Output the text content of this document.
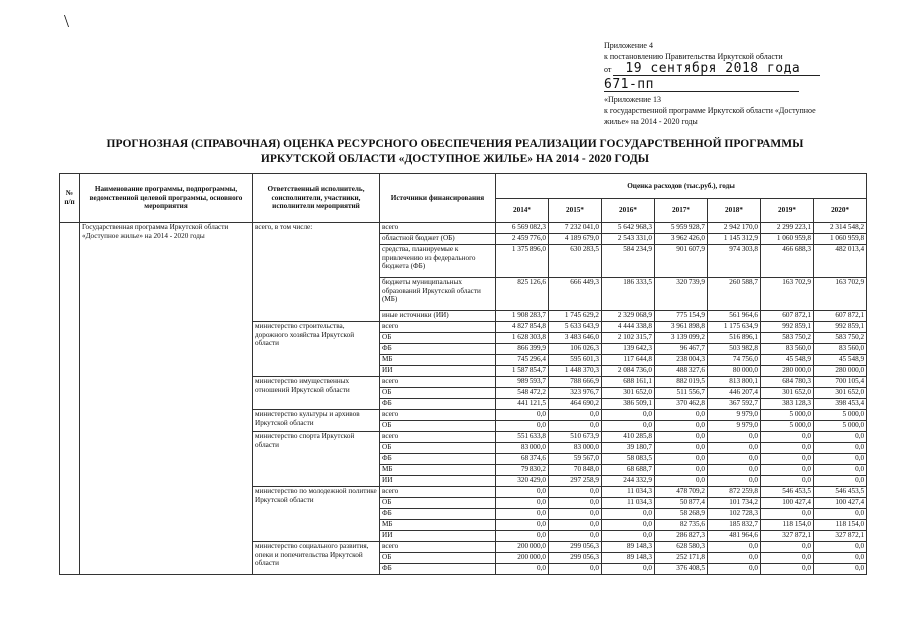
\
Приложение 4
к постановлению Правительства Иркутской области
от 19 сентября 2018 года
671-пп
«Приложение 13
к государственной программе Иркутской области «Доступное
жилье» на 2014 - 2020 годы
ПРОГНОЗНАЯ (СПРАВОЧНАЯ) ОЦЕНКА РЕСУРСНОГО ОБЕСПЕЧЕНИЯ РЕАЛИЗАЦИИ ГОСУДАРСТВЕННОЙ ПРОГРАММЫ
ИРКУТСКОЙ ОБЛАСТИ «ДОСТУПНОЕ ЖИЛЬЕ» НА 2014 - 2020 ГОДЫ
№ п/п	Наименование программы, подпрограммы, ведомственной целевой программы, основного мероприятия	Ответственный исполнитель, соисполнители, участники, исполнители мероприятий	Источники финансирования	Оценка расходов (тыс.руб.), годы						
				2014*	2015*	2016*	2017*	2018*	2019*	2020*
	Государственная программа Иркутской области «Доступное жилье» на 2014 - 2020 годы	всего, в том числе:	всего	6 569 082,3	7 232 041,0	5 642 968,3	5 959 928,7	2 942 170,0	2 299 223,1	2 314 548,2
			областной бюджет (ОБ)	2 459 776,0	4 189 679,0	2 543 331,0	3 962 426,0	1 145 312,9	1 060 959,8	1 060 959,8
			средства, планируемые к привлечению из федерального бюджета (ФБ)	1 375 896,0	630 283,5	584 234,9	901 607,9	974 303,8	466 688,3	482 013,4
			бюджеты муниципальных образований Иркутской области (МБ)	825 126,6	666 449,3	186 333,5	320 739,9	260 588,7	163 702,9	163 702,9
			иные источники (ИИ)	1 908 283,7	1 745 629,2	2 329 068,9	775 154,9	561 964,6	607 872,1	607 872,1
		министерство строительства, дорожного хозяйства Иркутской области	всего	4 827 854,8	5 633 643,9	4 444 338,8	3 961 898,8	1 175 634,9	992 859,1	992 859,1
			ОБ	1 628 303,8	3 483 646,0	2 102 315,7	3 139 099,2	516 896,1	583 750,2	583 750,2
			ФБ	866 399,9	106 026,3	139 642,3	96 467,7	503 982,8	83 560,0	83 560,0
			МБ	745 296,4	595 601,3	117 644,8	238 004,3	74 756,0	45 548,9	45 548,9
			ИИ	1 587 854,7	1 448 370,3	2 084 736,0	488 327,6	80 000,0	280 000,0	280 000,0
		министерство имущественных отношений Иркутской области	всего	989 593,7	788 666,9	688 161,1	882 019,5	813 800,1	684 780,3	700 105,4
			ОБ	548 472,2	323 976,7	301 652,0	511 556,7	446 207,4	301 652,0	301 652,0
			ФБ	441 121,5	464 690,2	386 509,1	370 462,8	367 592,7	383 128,3	398 453,4
		министерство культуры и архивов Иркутской области	всего	0,0	0,0	0,0	0,0	9 979,0	5 000,0	5 000,0
			ОБ	0,0	0,0	0,0	0,0	9 979,0	5 000,0	5 000,0
		министерство спорта Иркутской области	всего	551 633,8	510 673,9	410 285,8	0,0	0,0	0,0	0,0
			ОБ	83 000,0	83 000,0	39 180,7	0,0	0,0	0,0	0,0
			ФБ	68 374,6	59 567,0	58 083,5	0,0	0,0	0,0	0,0
			МБ	79 830,2	70 848,0	68 688,7	0,0	0,0	0,0	0,0
			ИИ	320 429,0	297 258,9	244 332,9	0,0	0,0	0,0	0,0
		министерство по молодежной политике Иркутской области	всего	0,0	0,0	11 034,3	478 709,2	872 259,8	546 453,5	546 453,5
			ОБ	0,0	0,0	11 034,3	50 877,4	101 734,2	100 427,4	100 427,4
			ФБ	0,0	0,0	0,0	58 268,9	102 728,3	0,0	0,0
			МБ	0,0	0,0	0,0	82 735,6	185 832,7	118 154,0	118 154,0
			ИИ	0,0	0,0	0,0	286 827,3	481 964,6	327 872,1	327 872,1
		министерство социального развития, опеки и попечительства Иркутской области	всего	200 000,0	299 056,3	89 148,3	628 580,3	0,0	0,0	0,0
			ОБ	200 000,0	299 056,3	89 148,3	252 171,8	0,0	0,0	0,0
			ФБ	0,0	0,0	0,0	376 408,5	0,0	0,0	0,0
